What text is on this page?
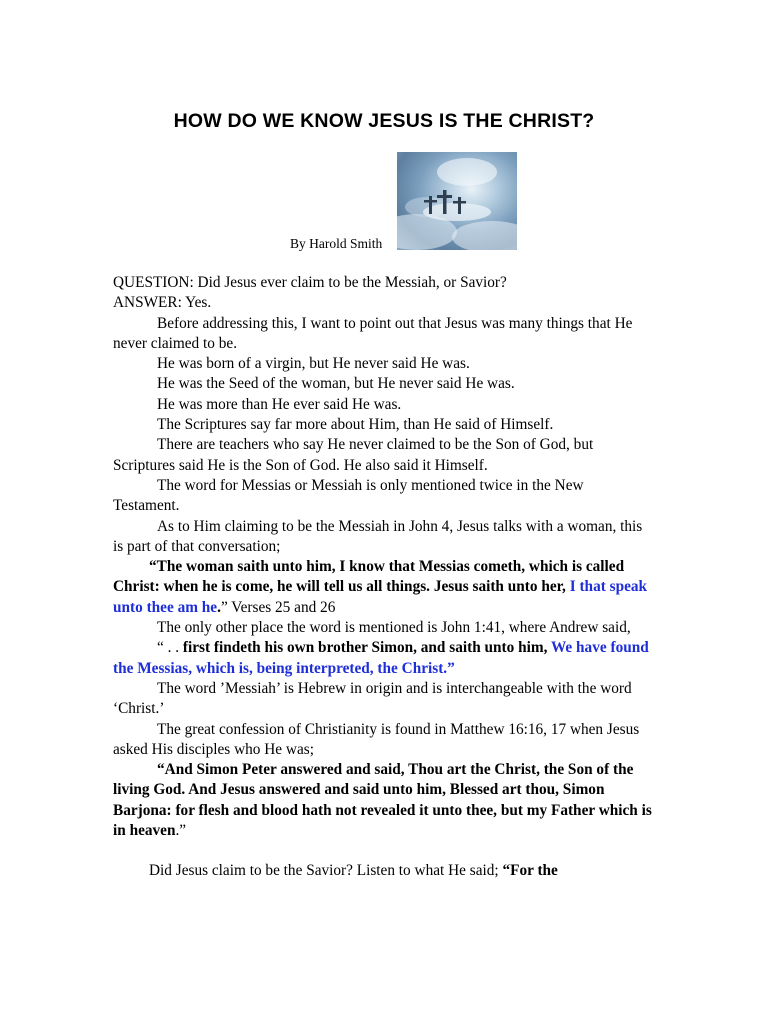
HOW DO WE KNOW JESUS IS THE CHRIST?
By Harold Smith

QUESTION: Did Jesus ever claim to be the Messiah, or Savior?

ANSWER: Yes.

Before addressing this, I want to point out that Jesus was many things that He never claimed to be.

He was born of a virgin, but He never said He was.

He was the Seed of the woman, but He never said He was.

He was more than He ever said He was.

The Scriptures say far more about Him, than He said of Himself.

There are teachers who say He never claimed to be the Son of God, but Scriptures said He is the Son of God. He also said it Himself.

The word for Messias or Messiah is only mentioned twice in the New Testament.

As to Him claiming to be the Messiah in John 4, Jesus talks with a woman, this is part of that conversation;

“The woman saith unto him, I know that Messias cometh, which is called Christ: when he is come, he will tell us all things. Jesus saith unto her, I that speak unto thee am he.” Verses 25 and 26

The only other place the word is mentioned is John 1:41, where Andrew said,

“ . . first findeth his own brother Simon, and saith unto him, We have found the Messias, which is, being interpreted, the Christ.”

The word ’Messiah’ is Hebrew in origin and is interchangeable with the word ‘Christ.’

The great confession of Christianity is found in Matthew 16:16, 17 when Jesus asked His disciples who He was;

“And Simon Peter answered and said, Thou art the Christ, the Son of the living God. And Jesus answered and said unto him, Blessed art thou, Simon Barjona: for flesh and blood hath not revealed it unto thee, but my Father which is in heaven.”

Did Jesus claim to be the Savior? Listen to what He said; “For the
